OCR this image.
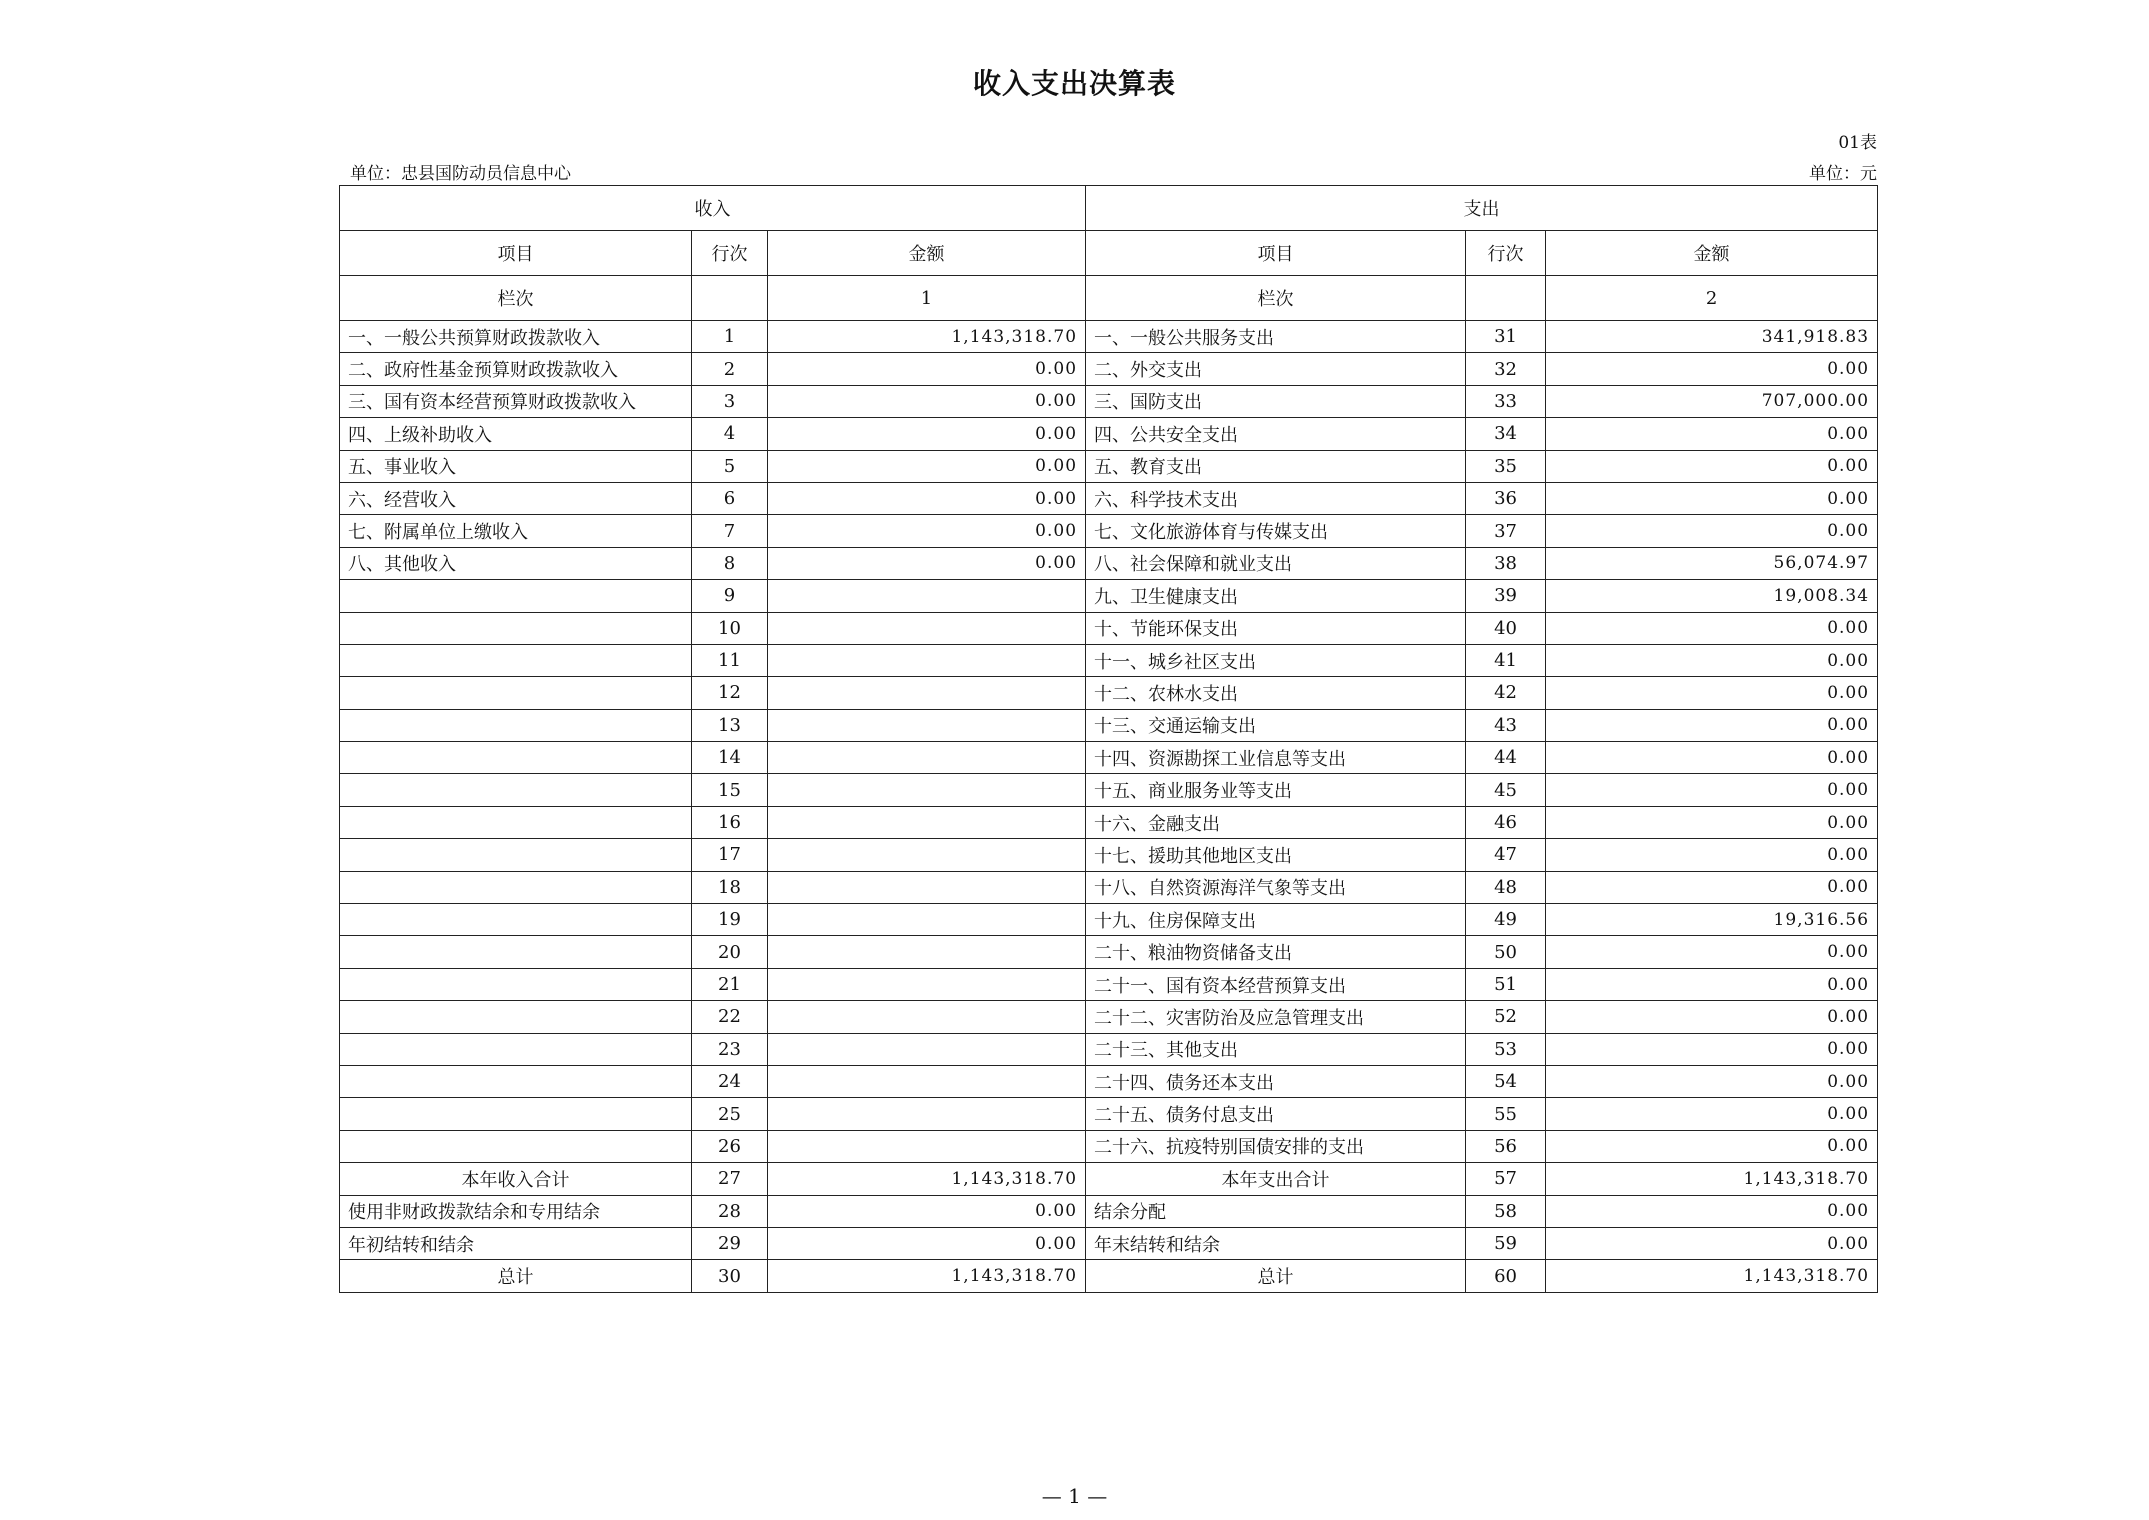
收入支出决算表
01表
单位：忠县国防动员信息中心	单位：元
收入			支出		
项目	行次	金额	项目	行次	金额
栏次		1	栏次		2
一、一般公共预算财政拨款收入	1	1,143,318.70	一、一般公共服务支出	31	341,918.83
二、政府性基金预算财政拨款收入	2	0.00	二、外交支出	32	0.00
三、国有资本经营预算财政拨款收入	3	0.00	三、国防支出	33	707,000.00
四、上级补助收入	4	0.00	四、公共安全支出	34	0.00
五、事业收入	5	0.00	五、教育支出	35	0.00
六、经营收入	6	0.00	六、科学技术支出	36	0.00
七、附属单位上缴收入	7	0.00	七、文化旅游体育与传媒支出	37	0.00
八、其他收入	8	0.00	八、社会保障和就业支出	38	56,074.97
	9		九、卫生健康支出	39	19,008.34
	10		十、节能环保支出	40	0.00
	11		十一、城乡社区支出	41	0.00
	12		十二、农林水支出	42	0.00
	13		十三、交通运输支出	43	0.00
	14		十四、资源勘探工业信息等支出	44	0.00
	15		十五、商业服务业等支出	45	0.00
	16		十六、金融支出	46	0.00
	17		十七、援助其他地区支出	47	0.00
	18		十八、自然资源海洋气象等支出	48	0.00
	19		十九、住房保障支出	49	19,316.56
	20		二十、粮油物资储备支出	50	0.00
	21		二十一、国有资本经营预算支出	51	0.00
	22		二十二、灾害防治及应急管理支出	52	0.00
	23		二十三、其他支出	53	0.00
	24		二十四、债务还本支出	54	0.00
	25		二十五、债务付息支出	55	0.00
	26		二十六、抗疫特别国债安排的支出	56	0.00
本年收入合计	27	1,143,318.70	本年支出合计	57	1,143,318.70
使用非财政拨款结余和专用结余	28	0.00	结余分配	58	0.00
年初结转和结余	29	0.00	年末结转和结余	59	0.00
总计	30	1,143,318.70	总计	60	1,143,318.70
— 1 —
